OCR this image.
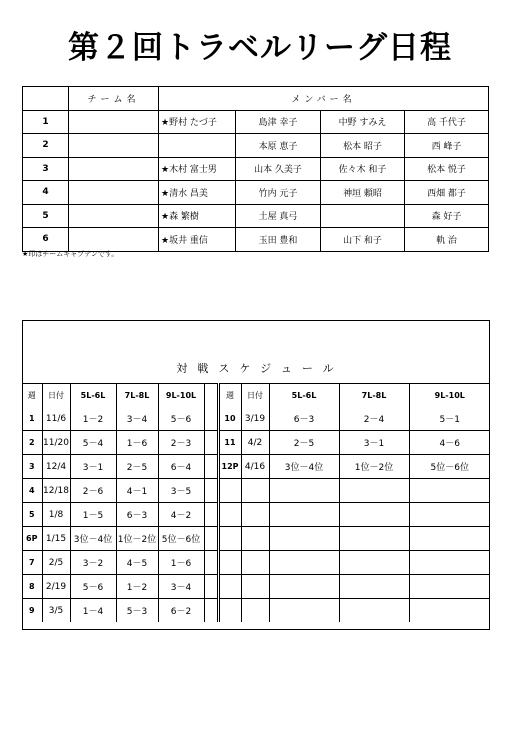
第２回トラベルリーグ日程
	チーム名	メンバー名			
1		★野村 たづ子	島津 幸子	中野 すみえ	高 千代子
2			本原 恵子	松本 昭子	西 峰子
3		★木村 富士男	山本 久美子	佐々木 和子	松本 悦子
4		★清水 昌美	竹内 元子	神垣 頼昭	西畑 都子
5		★森 繁樹	土屋 真弓		森 好子
6		★坂井 重信	玉田 豊和	山下 和子	軌 治
★印はチームキャプテンです。
対戦スケジュール
週	日付	5L-6L	7L-8L	9L-10L		週	日付	5L-6L	7L-8L	9L-10L
1	11/6	1－2	3－4	5－6		10	3/19	6－3	2－4	5－1
2	11/20	5－4	1－6	2－3		11	4/2	2－5	3－1	4－6
3	12/4	3－1	2－5	6－4		12P	4/16	3位－4位	1位－2位	5位－6位
4	12/18	2－6	4－1	3－5						
5	1/8	1－5	6－3	4－2						
6P	1/15	3位－4位	1位－2位	5位－6位						
7	2/5	3－2	4－5	1－6						
8	2/19	5－6	1－2	3－4						
9	3/5	1－4	5－3	6－2						
